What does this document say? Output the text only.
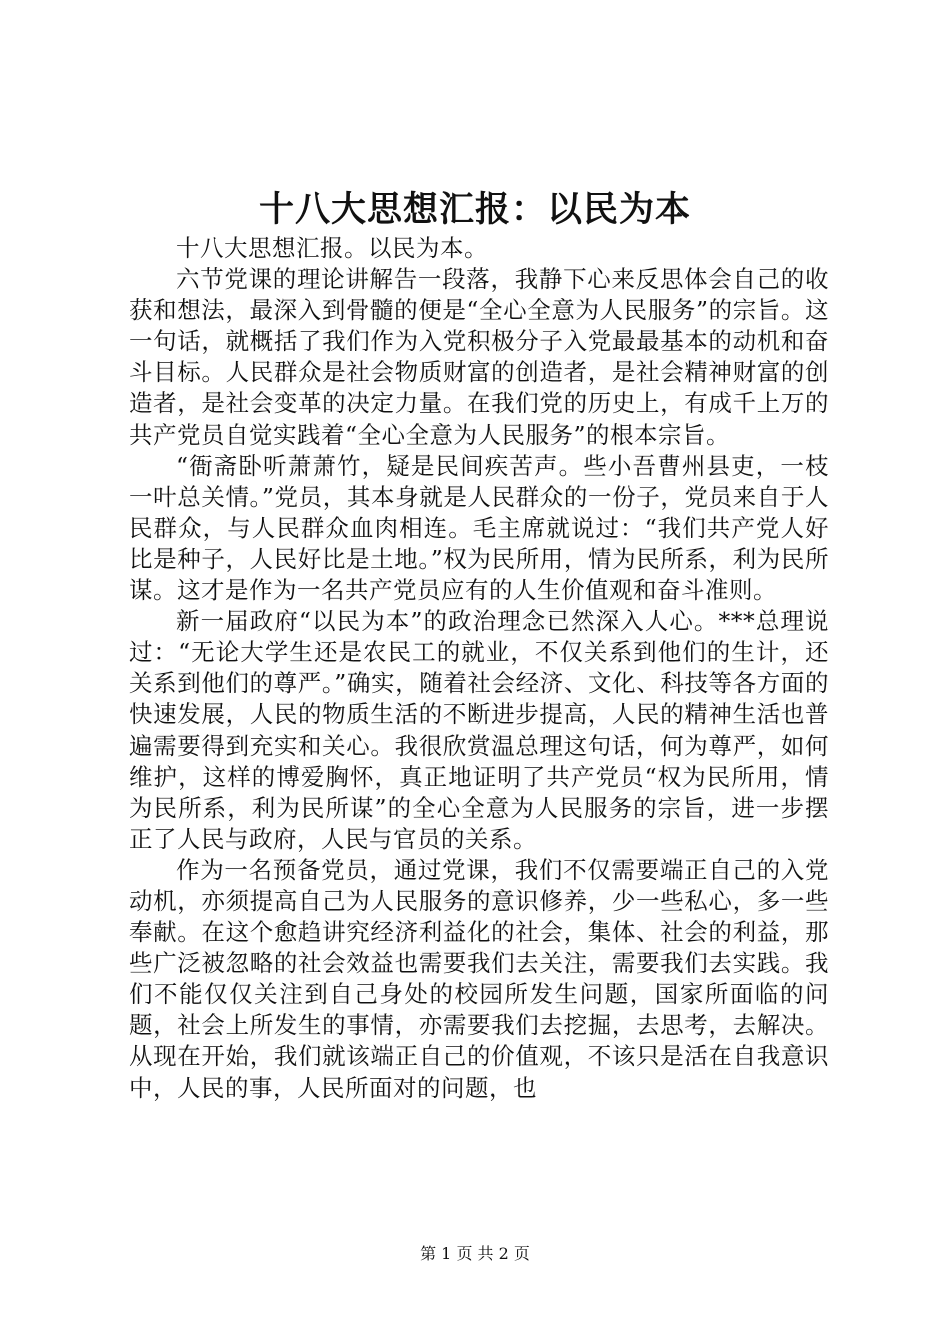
十八大思想汇报：以民为本

十八大思想汇报。以民为本。

六节党课的理论讲解告一段落，我静下心来反思体会自己的收获和想法，最深入到骨髓的便是“全心全意为人民服务”的宗旨。这一句话，就概括了我们作为入党积极分子入党最最基本的动机和奋斗目标。人民群众是社会物质财富的创造者，是社会精神财富的创造者，是社会变革的决定力量。在我们党的历史上，有成千上万的共产党员自觉实践着“全心全意为人民服务”的根本宗旨。

“衙斋卧听萧萧竹，疑是民间疾苦声。些小吾曹州县吏，一枝一叶总关情。”党员，其本身就是人民群众的一份子，党员来自于人民群众，与人民群众血肉相连。毛主席就说过：“我们共产党人好比是种子，人民好比是土地。”权为民所用，情为民所系，利为民所谋。这才是作为一名共产党员应有的人生价值观和奋斗准则。

新一届政府“以民为本”的政治理念已然深入人心。***总理说过：“无论大学生还是农民工的就业，不仅关系到他们的生计，还关系到他们的尊严。”确实，随着社会经济、文化、科技等各方面的快速发展，人民的物质生活的不断进步提高，人民的精神生活也普遍需要得到充实和关心。我很欣赏温总理这句话，何为尊严，如何维护，这样的博爱胸怀，真正地证明了共产党员“权为民所用，情为民所系，利为民所谋”的全心全意为人民服务的宗旨，进一步摆正了人民与政府，人民与官员的关系。

作为一名预备党员，通过党课，我们不仅需要端正自己的入党动机，亦须提高自己为人民服务的意识修养，少一些私心，多一些奉献。在这个愈趋讲究经济利益化的社会，集体、社会的利益，那些广泛被忽略的社会效益也需要我们去关注，需要我们去实践。我们不能仅仅关注到自己身处的校园所发生问题，国家所面临的问题，社会上所发生的事情，亦需要我们去挖掘，去思考，去解决。从现在开始，我们就该端正自己的价值观，不该只是活在自我意识中，人民的事，人民所面对的问题，也

第 1 页 共 2 页
